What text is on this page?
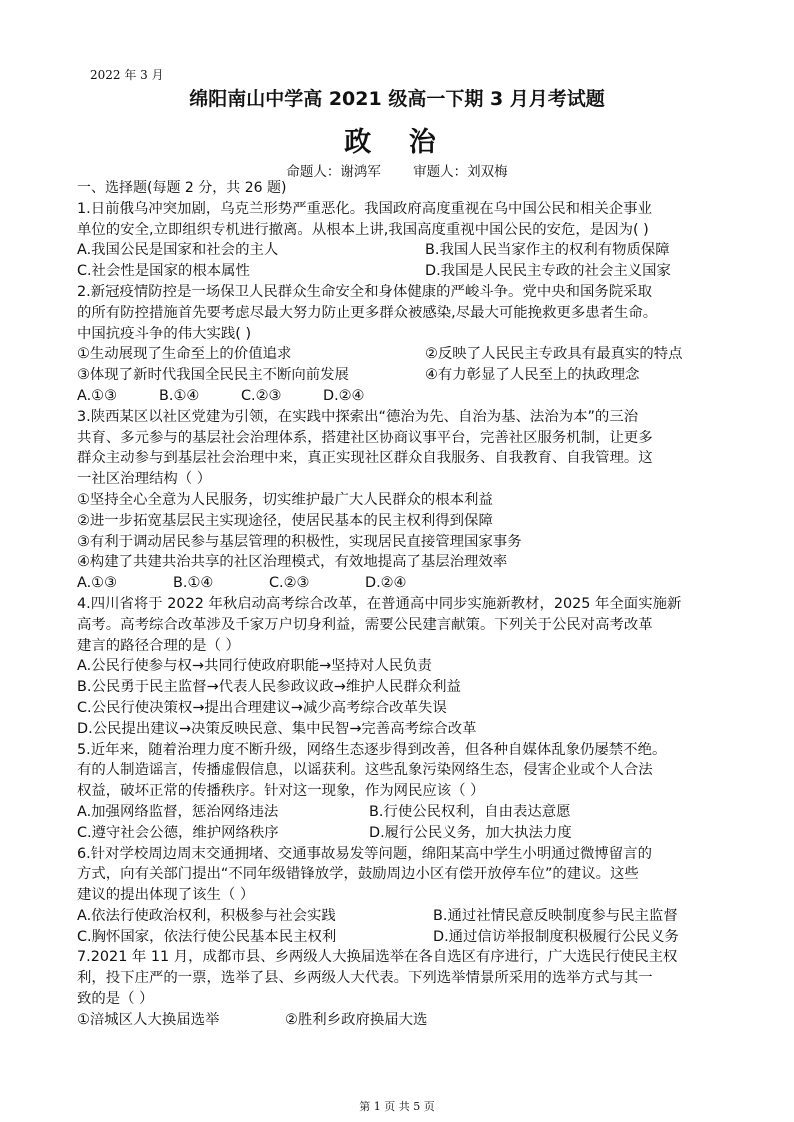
2022 年 3 月
绵阳南山中学高 2021 级高一下期 3 月月考试题
政 治
命题人：谢鸿军 审题人：刘双梅

一、选择题(每题 2 分，共 26 题)

1.日前俄乌冲突加剧，乌克兰形势严重恶化。我国政府高度重视在乌中国公民和相关企事业

单位的安全,立即组织专机进行撤离。从根本上讲,我国高度重视中国公民的安危，是因为( )

A.我国公民是国家和社会的主人	B.我国人民当家作主的权利有物质保障
C.社会性是国家的根本属性	D.我国是人民民主专政的社会主义国家

2.新冠疫情防控是一场保卫人民群众生命安全和身体健康的严峻斗争。党中央和国务院采取

的所有防控措施首先要考虑尽最大努力防止更多群众被感染,尽最大可能挽救更多患者生命。

中国抗疫斗争的伟大实践( )

①生动展现了生命至上的价值追求	②反映了人民民主专政具有最真实的特点
③体现了新时代我国全民民主不断向前发展	④有力彰显了人民至上的执政理念
A.①③	B.①④	C.②③	D.②④

3.陕西某区以社区党建为引领，在实践中探索出“德治为先、自治为基、法治为本”的三治

共育、多元参与的基层社会治理体系，搭建社区协商议事平台，完善社区服务机制，让更多

群众主动参与到基层社会治理中来，真正实现社区群众自我服务、自我教育、自我管理。这

一社区治理结构（ ）

①坚持全心全意为人民服务，切实维护最广大人民群众的根本利益

②进一步拓宽基层民主实现途径，使居民基本的民主权利得到保障

③有利于调动居民参与基层管理的积极性，实现居民直接管理国家事务

④构建了共建共治共享的社区治理模式，有效地提高了基层治理效率

A.①③	B.①④	C.②③	D.②④

4.四川省将于 2022 年秋启动高考综合改革，在普通高中同步实施新教材，2025 年全面实施新

高考。高考综合改革涉及千家万户切身利益，需要公民建言献策。下列关于公民对高考改革

建言的路径合理的是（ ）

A.公民行使参与权→共同行使政府职能→坚持对人民负责

B.公民勇于民主监督→代表人民参政议政→维护人民群众利益

C.公民行使决策权→提出合理建议→减少高考综合改革失误

D.公民提出建议→决策反映民意、集中民智→完善高考综合改革

5.近年来，随着治理力度不断升级，网络生态逐步得到改善，但各种自媒体乱象仍屡禁不绝。

有的人制造谣言，传播虚假信息，以谣获利。这些乱象污染网络生态，侵害企业或个人合法

权益，破坏正常的传播秩序。针对这一现象，作为网民应该（ ）

A.加强网络监督，惩治网络违法	B.行使公民权利，自由表达意愿
C.遵守社会公德，维护网络秩序	D.履行公民义务，加大执法力度

6.针对学校周边周末交通拥堵、交通事故易发等问题，绵阳某高中学生小明通过微博留言的

方式，向有关部门提出“不同年级错锋放学，鼓励周边小区有偿开放停车位”的建议。这些

建议的提出体现了该生（ ）

A.依法行使政治权利，积极参与社会实践	B.通过社情民意反映制度参与民主监督
C.胸怀国家，依法行使公民基本民主权利	D.通过信访举报制度积极履行公民义务

7.2021 年 11 月，成都市县、乡两级人大换届选举在各自选区有序进行，广大选民行使民主权

利，投下庄严的一票，选举了县、乡两级人大代表。下列选举情景所采用的选举方式与其一

致的是（ ）

①涪城区人大换届选举	②胜利乡政府换届大选
第 1 页 共 5 页
